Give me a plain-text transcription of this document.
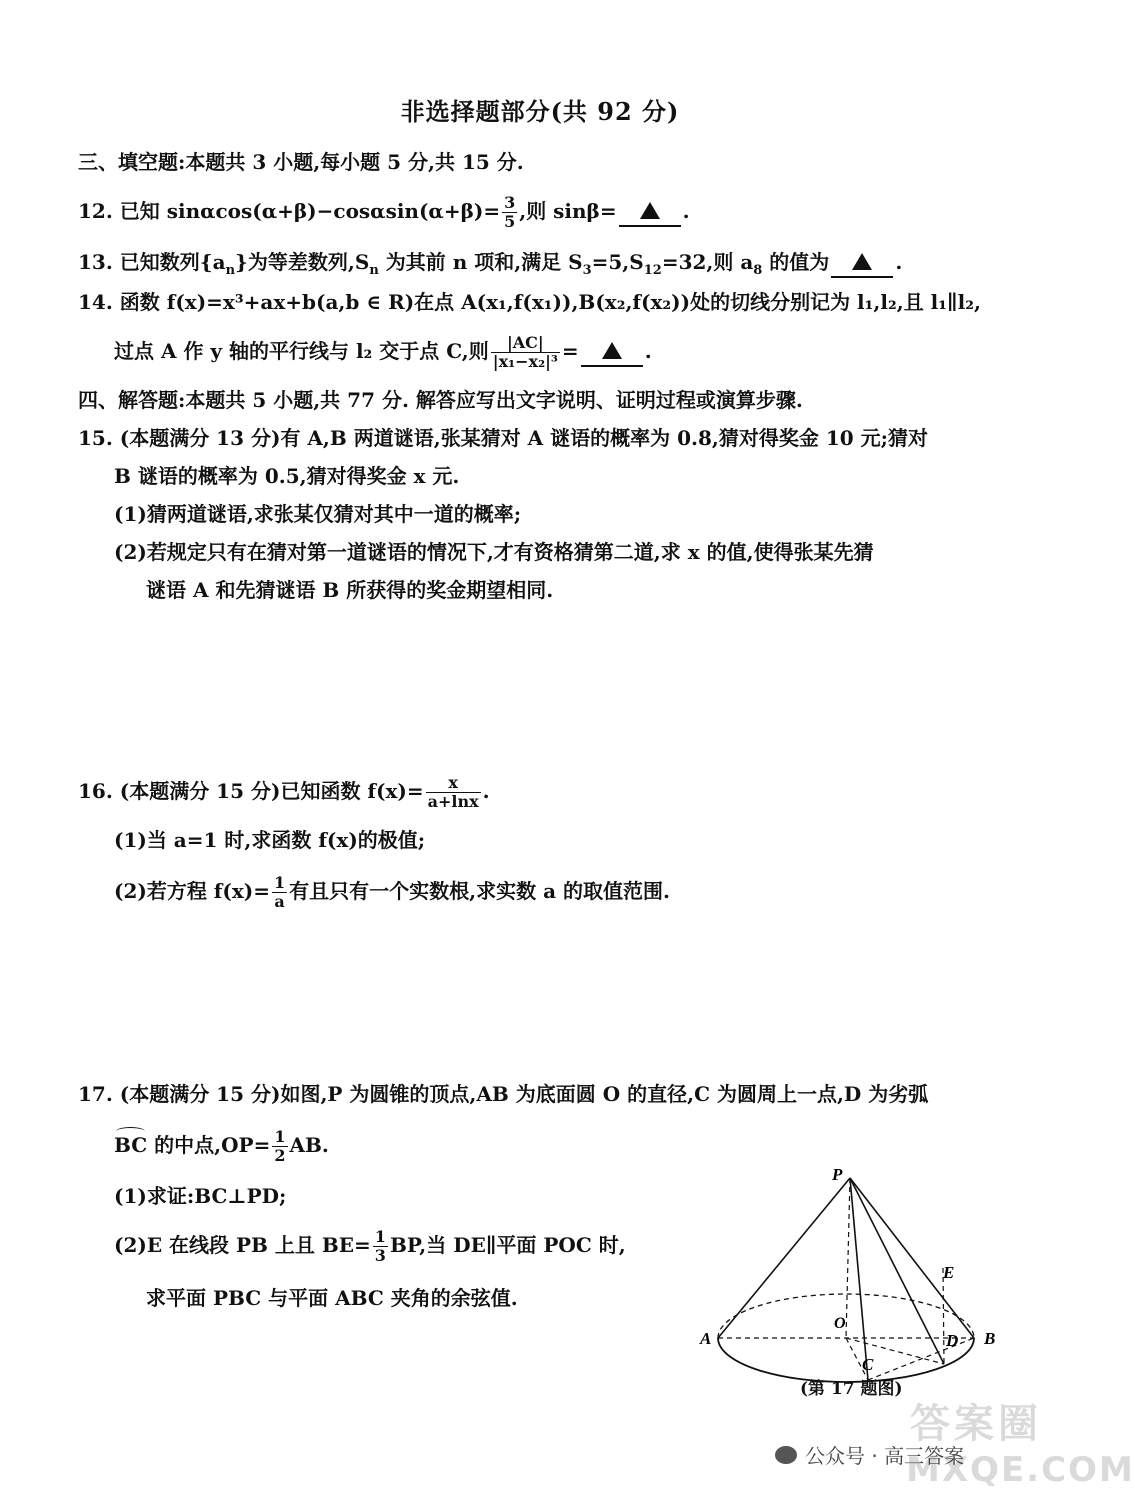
非选择题部分(共 92 分)
三、填空题:本题共 3 小题,每小题 5 分,共 15 分.
12. 已知 $\sin\alpha\cos(\alpha+\beta)-\cos\alpha\sin(\alpha+\beta)= \frac{3}{5}$ ,则 sinβ=	.
13. 已知数列$\{a_n\}$为等差数列$,S_n$ 为其前 n 项和,满足 $S_3=5,S_{12}=32$,则 $a_8$ 的值为	.
14. 函数 f(x)=x³+ax+b(a,b ∈ R)在点 A(x₁,f(x₁)),B(x₂,f(x₂))处的切线分别记为 l₁,l₂,且 l₁∥l₂,
过点 A 作 y 轴的平行线与 l₂ 交于点 C,则 $\frac{|AC|}{\text{|x₁−x₂|³}}$ =	.
四、解答题:本题共 5 小题,共 77 分. 解答应写出文字说明、证明过程或演算步骤.
15. (本题满分 13 分)有 A,B 两道谜语,张某猜对 A 谜语的概率为 0.8,猜对得奖金 10 元;猜对
B 谜语的概率为 0.5,猜对得奖金 x 元.
(1)猜两道谜语,求张某仅猜对其中一道的概率;
(2)若规定只有在猜对第一道谜语的情况下,才有资格猜第二道,求 x 的值,使得张某先猜
谜语 A 和先猜谜语 B 所获得的奖金期望相同.
16. (本题满分 15 分)已知函数 $f(x)= \frac{x}{a+\ln x}$ .
(1)当 a=1 时,求函数 f(x)的极值;
(2)若方程 $f(x)= \frac{1}{a}$ 有且只有一个实数根,求实数 a 的取值范围.
17. (本题满分 15 分)如图,P 为圆锥的顶点,AB 为底面圆 O 的直径,C 为圆周上一点,D 为劣弧
BC 的中点$,OP= \frac{1}{2}$ AB.
(1)求证:BC⊥PD;
(2)E 在线段 PB 上且 $BE= \frac{1}{3}$ BP,当 DE∥平面 POC 时,
求平面 PBC 与平面 ABC 夹角的余弦值.
P
A	B
O
E
D
C
(第 17 题图)
答案圈
MXQE.COM
公众号 · 高三答案
